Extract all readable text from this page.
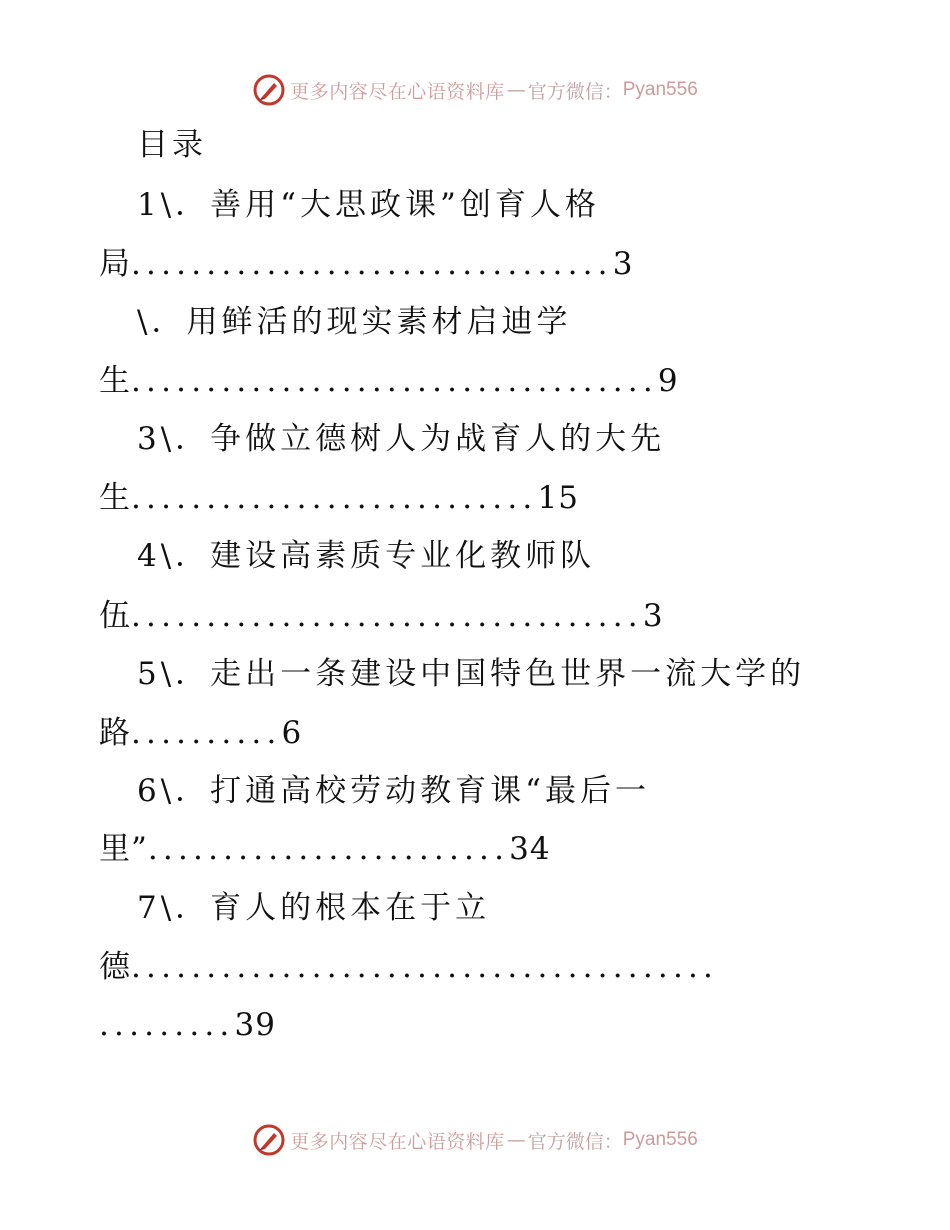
更多内容尽在心语资料库 — 官方微信： Pyan556
目录
1\．善用“大思政课”创育人格
局................................3
\．用鲜活的现实素材启迪学
生...................................9
3\．争做立德树人为战育人的大先
生...........................15
4\．建设高素质专业化教师队
伍..................................3
5\．走出一条建设中国特色世界一流大学的
路..........6
6\．打通高校劳动教育课“最后一
里”........................34
7\．育人的根本在于立
德.......................................
.........39
更多内容尽在心语资料库 — 官方微信： Pyan556
